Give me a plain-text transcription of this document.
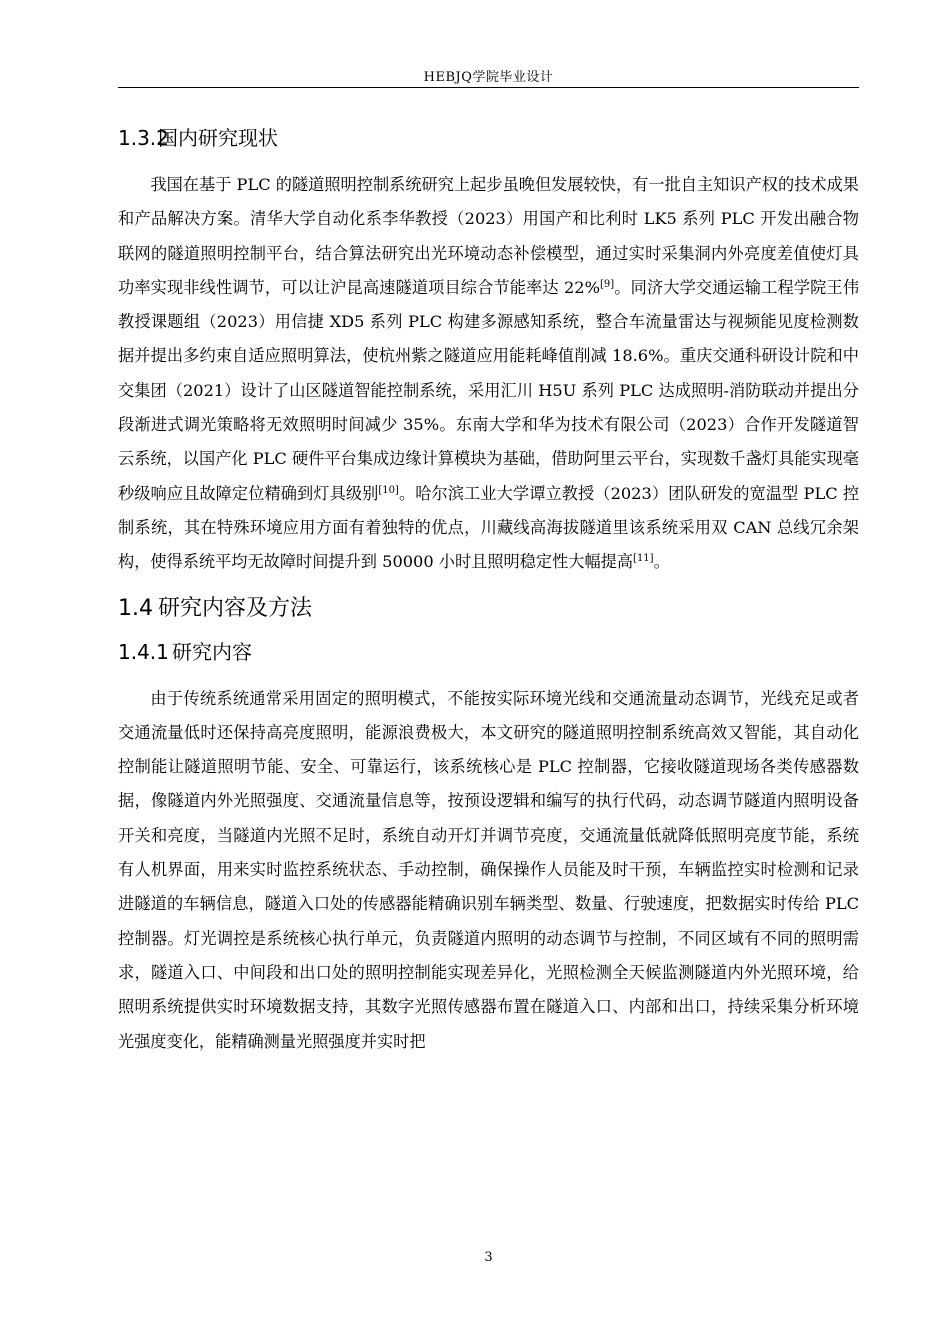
HEBJQ学院毕业设计
1.3.2国内研究现状

我国在基于 PLC 的隧道照明控制系统研究上起步虽晚但发展较快，有一批自主知识产权的技术成果和产品解决方案。清华大学自动化系李华教授（2023）用国产和比利时 LK5 系列 PLC 开发出融合物联网的隧道照明控制平台，结合算法研究出光环境动态补偿模型，通过实时采集洞内外亮度差值使灯具功率实现非线性调节，可以让沪昆高速隧道项目综合节能率达 22%[9]。同济大学交通运输工程学院王伟教授课题组（2023）用信捷 XD5 系列 PLC 构建多源感知系统，整合车流量雷达与视频能见度检测数据并提出多约束自适应照明算法，使杭州紫之隧道应用能耗峰值削减 18.6%。重庆交通科研设计院和中交集团（2021）设计了山区隧道智能控制系统，采用汇川 H5U 系列 PLC 达成照明-消防联动并提出分段渐进式调光策略将无效照明时间减少 35%。东南大学和华为技术有限公司（2023）合作开发隧道智云系统，以国产化 PLC 硬件平台集成边缘计算模块为基础，借助阿里云平台，实现数千盏灯具能实现毫秒级响应且故障定位精确到灯具级别[10]。哈尔滨工业大学谭立教授（2023）团队研发的宽温型 PLC 控制系统，其在特殊环境应用方面有着独特的优点，川藏线高海拔隧道里该系统采用双 CAN 总线冗余架构，使得系统平均无故障时间提升到 50000 小时且照明稳定性大幅提高[11]。

1.4 研究内容及方法
1.4.1 研究内容

由于传统系统通常采用固定的照明模式，不能按实际环境光线和交通流量动态调节，光线充足或者交通流量低时还保持高亮度照明，能源浪费极大，本文研究的隧道照明控制系统高效又智能，其自动化控制能让隧道照明节能、安全、可靠运行，该系统核心是 PLC 控制器，它接收隧道现场各类传感器数据，像隧道内外光照强度、交通流量信息等，按预设逻辑和编写的执行代码，动态调节隧道内照明设备开关和亮度，当隧道内光照不足时，系统自动开灯并调节亮度，交通流量低就降低照明亮度节能，系统有人机界面，用来实时监控系统状态、手动控制，确保操作人员能及时干预，车辆监控实时检测和记录进隧道的车辆信息，隧道入口处的传感器能精确识别车辆类型、数量、行驶速度，把数据实时传给 PLC 控制器。灯光调控是系统核心执行单元，负责隧道内照明的动态调节与控制，不同区域有不同的照明需求，隧道入口、中间段和出口处的照明控制能实现差异化，光照检测全天候监测隧道内外光照环境，给照明系统提供实时环境数据支持，其数字光照传感器布置在隧道入口、内部和出口，持续采集分析环境光强度变化，能精确测量光照强度并实时把

3
